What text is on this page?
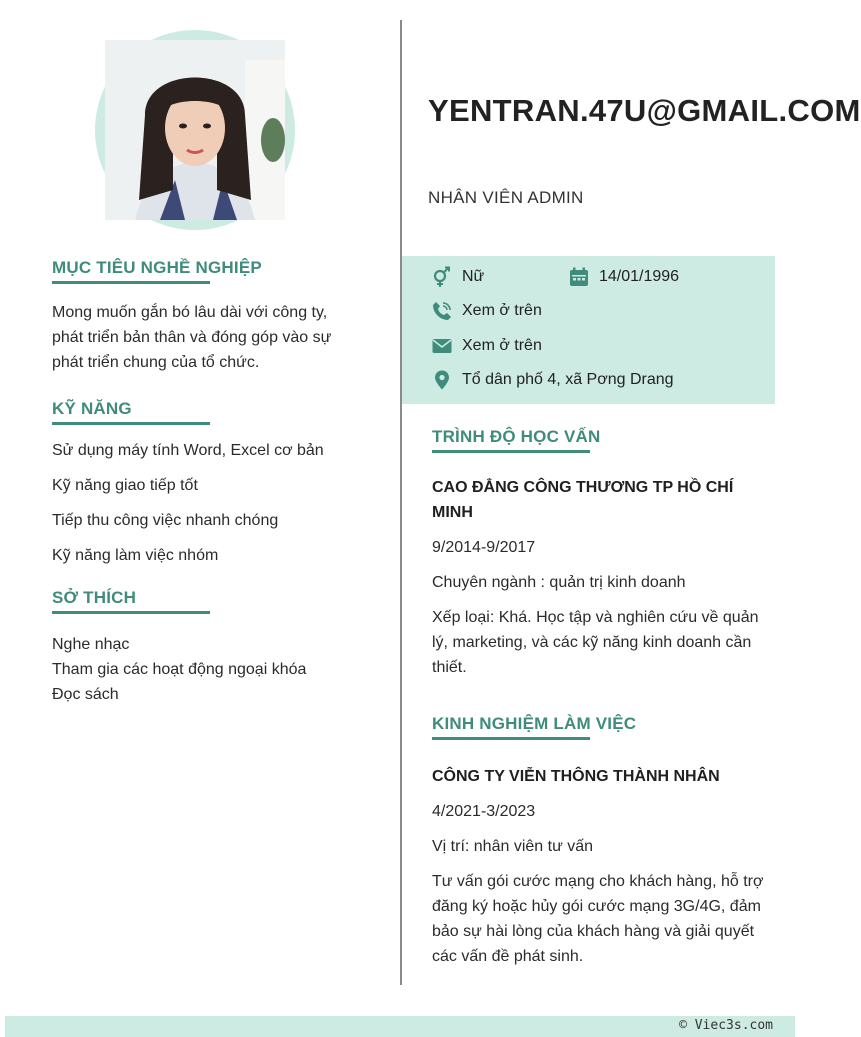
MỤC TIÊU NGHỀ NGHIỆP

Mong muốn gắn bó lâu dài với công ty, phát triển bản thân và đóng góp vào sự phát triển chung của tổ chức.

KỸ NĂNG

Sử dụng máy tính Word, Excel cơ bản

Kỹ năng giao tiếp tốt

Tiếp thu công việc nhanh chóng

Kỹ năng làm việc nhóm

SỞ THÍCH

Nghe nhạc

Tham gia các hoạt động ngoại khóa

Đọc sách

YENTRAN.47U@GMAIL.COM

NHÂN VIÊN ADMIN

Nữ	14/01/1996
Xem ở trên
Xem ở trên
Tổ dân phố 4, xã Pơng Drang
TRÌNH ĐỘ HỌC VẤN

CAO ĐẲNG CÔNG THƯƠNG TP HỒ CHÍ MINH

9/2014-9/2017

Chuyên ngành : quản trị kinh doanh

Xếp loại: Khá. Học tập và nghiên cứu về quản lý, marketing, và các kỹ năng kinh doanh cần thiết.

KINH NGHIỆM LÀM VIỆC

CÔNG TY VIỄN THÔNG THÀNH NHÂN

4/2021-3/2023

Vị trí: nhân viên tư vấn

Tư vấn gói cước mạng cho khách hàng, hỗ trợ đăng ký hoặc hủy gói cước mạng 3G/4G, đảm bảo sự hài lòng của khách hàng và giải quyết các vấn đề phát sinh.

© Viec3s.com
